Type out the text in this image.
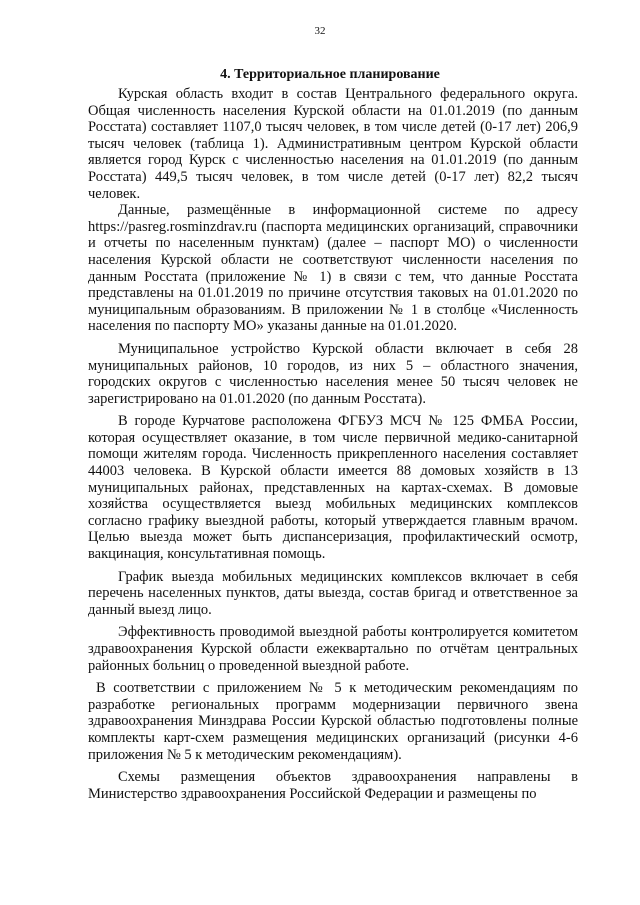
32
4. Территориальное планирование

Курская область входит в состав Центрального федерального округа. Общая численность населения Курской области на 01.01.2019 (по данным Росстата) составляет 1107,0 тысяч человек, в том числе детей (0-17 лет) 206,9 тысяч человек (таблица 1). Административным центром Курской области является город Курск с численностью населения на 01.01.2019 (по данным Росстата) 449,5 тысяч человек, в том числе детей (0-17 лет) 82,2 тысяч человек.

Данные, размещённые в информационной системе по адресу https://pasreg.rosminzdrav.ru (паспорта медицинских организаций, справочники и отчеты по населенным пунктам) (далее – паспорт МО) о численности населения Курской области не соответствуют численности населения по данным Росстата (приложение № 1) в связи с тем, что данные Росстата представлены на 01.01.2019 по причине отсутствия таковых на 01.01.2020 по муниципальным образованиям. В приложении № 1 в столбце «Численность населения по паспорту МО» указаны данные на 01.01.2020.

Муниципальное устройство Курской области включает в себя 28 муниципальных районов, 10 городов, из них 5 – областного значения, городских округов с численностью населения менее 50 тысяч человек не зарегистрировано на 01.01.2020 (по данным Росстата).

В городе Курчатове расположена ФГБУЗ МСЧ № 125 ФМБА России, которая осуществляет оказание, в том числе первичной медико-санитарной помощи жителям города. Численность прикрепленного населения составляет 44003 человека. В Курской области имеется 88 домовых хозяйств в 13 муниципальных районах, представленных на картах-схемах. В домовые хозяйства осуществляется выезд мобильных медицинских комплексов согласно графику выездной работы, который утверждается главным врачом. Целью выезда может быть диспансеризация, профилактический осмотр, вакцинация, консультативная помощь.

График выезда мобильных медицинских комплексов включает в себя перечень населенных пунктов, даты выезда, состав бригад и ответственное за данный выезд лицо.

Эффективность проводимой выездной работы контролируется комитетом здравоохранения Курской области ежеквартально по отчётам центральных районных больниц о проведенной выездной работе.

В соответствии с приложением № 5 к методическим рекомендациям по разработке региональных программ модернизации первичного звена здравоохранения Минздрава России Курской областью подготовлены полные комплекты карт-схем размещения медицинских организаций (рисунки 4-6 приложения № 5 к методическим рекомендациям).

Схемы размещения объектов здравоохранения направлены в Министерство здравоохранения Российской Федерации и размещены по
